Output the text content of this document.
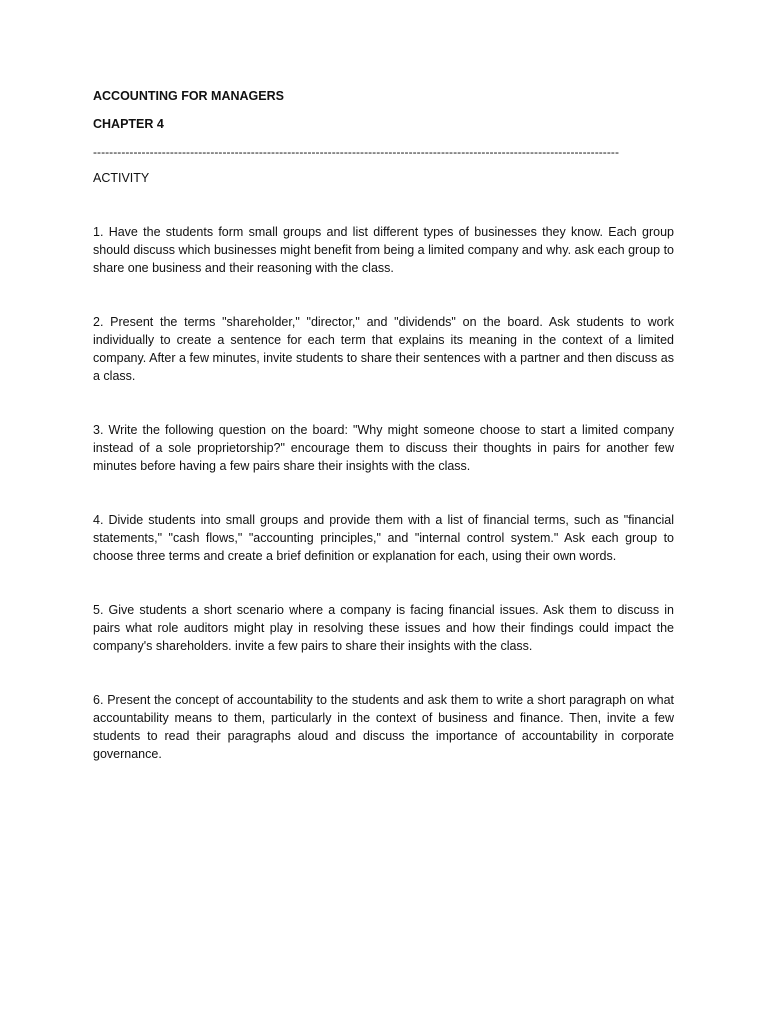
ACCOUNTING FOR MANAGERS

CHAPTER 4

----------------------------------------------------------------------------------------------------------------------------------
ACTIVITY

1. Have the students form small groups and list different types of businesses they know. Each group should discuss which businesses might benefit from being a limited company and why. ask each group to share one business and their reasoning with the class.

2. Present the terms "shareholder," "director," and "dividends" on the board. Ask students to work individually to create a sentence for each term that explains its meaning in the context of a limited company. After a few minutes, invite students to share their sentences with a partner and then discuss as a class.

3. Write the following question on the board: "Why might someone choose to start a limited company instead of a sole proprietorship?" encourage them to discuss their thoughts in pairs for another few minutes before having a few pairs share their insights with the class.

4. Divide students into small groups and provide them with a list of financial terms, such as "financial statements," "cash flows," "accounting principles," and "internal control system." Ask each group to choose three terms and create a brief definition or explanation for each, using their own words.

5. Give students a short scenario where a company is facing financial issues. Ask them to discuss in pairs what role auditors might play in resolving these issues and how their findings could impact the company's shareholders. invite a few pairs to share their insights with the class.

6. Present the concept of accountability to the students and ask them to write a short paragraph on what accountability means to them, particularly in the context of business and finance. Then, invite a few students to read their paragraphs aloud and discuss the importance of accountability in corporate governance.
